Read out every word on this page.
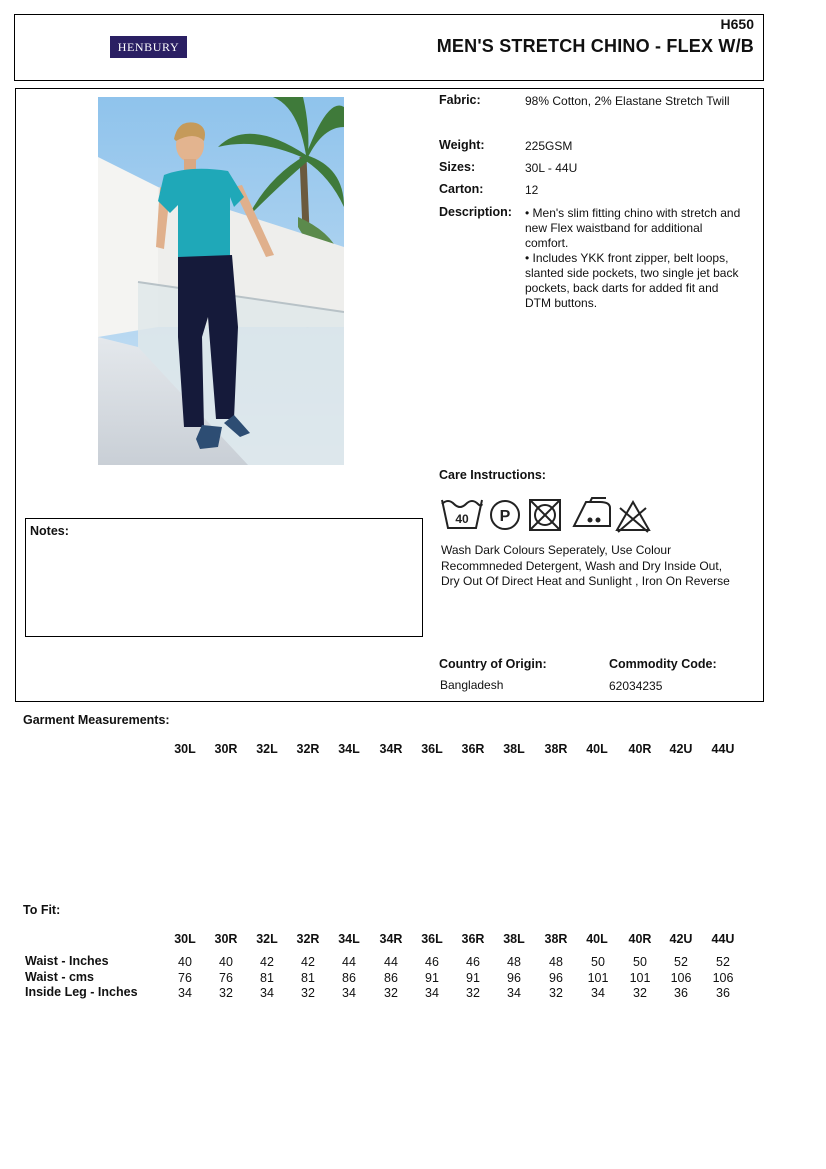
HENBURY
H650
MEN'S STRETCH CHINO - FLEX W/B
Fabric:	98% Cotton, 2% Elastane Stretch Twill
Weight:	225GSM
Sizes:	30L - 44U
Carton:	12
Description: • Men's slim fitting chino with stretch and
new Flex waistband for additional
comfort.
• Includes YKK front zipper, belt loops,
slanted side pockets, two single jet back
pockets, back darts for added fit and
DTM buttons.
Care Instructions:
40 P
Wash Dark Colours Seperately, Use Colour
Recommneded Detergent, Wash and Dry Inside Out,
Dry Out Of Direct Heat and Sunlight , Iron On Reverse
Notes:
Country of Origin:
Bangladesh
Commodity Code:
62034235
Garment Measurements:
30L	30R	32L	32R	34L	34R	36L	36R	38L	38R	40L	40R	42U	44U
To Fit:
30L	30R	32L	32R	34L	34R	36L	36R	38L	38R	40L	40R	42U	44U
Waist - Inches	40	40	42	42	44	44	46	46	48	48	50	50	52	52
Waist - cms	76	76	81	81	86	86	91	91	96	96	101	101	106	106
Inside Leg - Inches	34	32	34	32	34	32	34	32	34	32	34	32	36	36
